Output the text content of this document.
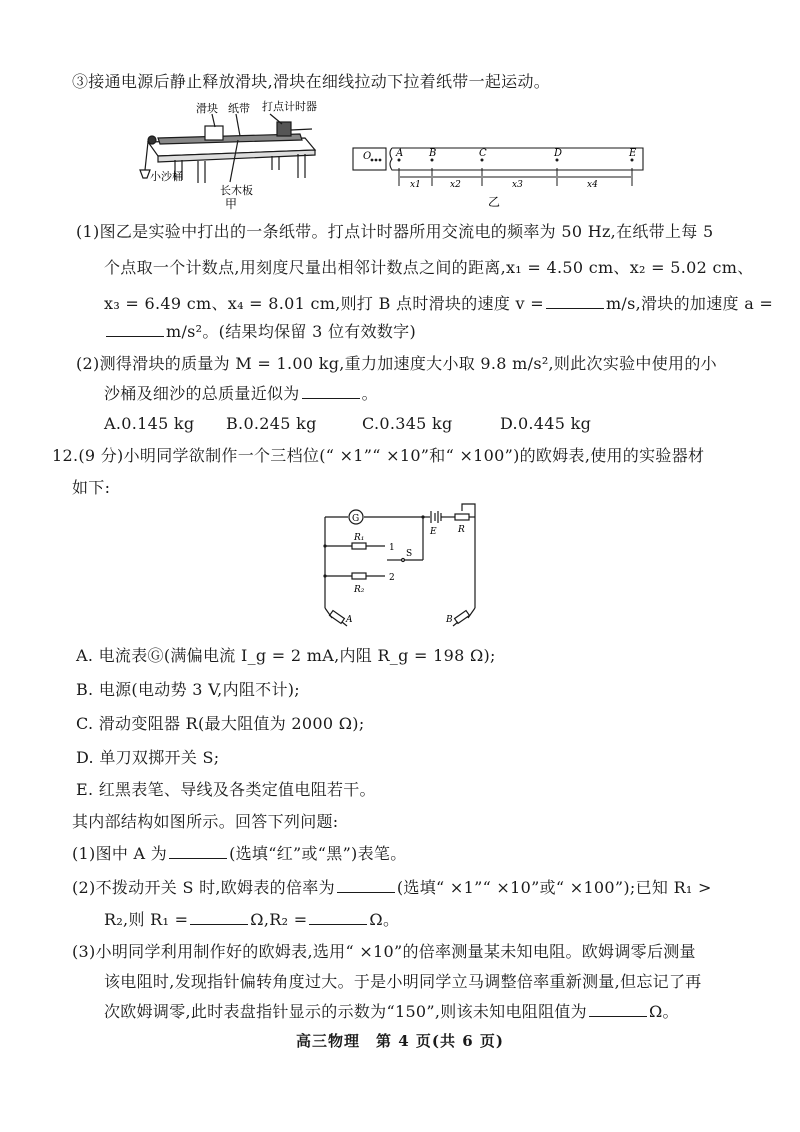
③接通电源后静止释放滑块,滑块在细线拉动下拉着纸带一起运动。
滑块 纸带 打点计时器
小沙桶
长木板
甲
O A	B	C	D	E
x1	x2	x3	x4
乙
(1)图乙是实验中打出的一条纸带。打点计时器所用交流电的频率为 50 Hz,在纸带上每 5
个点取一个计数点,用刻度尺量出相邻计数点之间的距离,x₁ = 4.50 cm、x₂ = 5.02 cm、
x₃ = 6.49 cm、x₄ = 8.01 cm,则打 B 点时滑块的速度 v =	m/s,滑块的加速度 a =
m/s²。(结果均保留 3 位有效数字)
(2)测得滑块的质量为 M = 1.00 kg,重力加速度大小取 9.8 m/s²,则此次实验中使用的小
沙桶及细沙的总质量近似为	。
A.0.145 kg B.0.245 kg	C.0.345 kg	D.0.445 kg
12.(9 分)小明同学欲制作一个三档位(“ ×1”“ ×10”和“ ×100”)的欧姆表,使用的实验器材
如下:
G
R₁
1
S
2
R₂
E R
A	B
A. 电流表Ⓖ(满偏电流 I_g = 2 mA,内阻 R_g = 198 Ω);
B. 电源(电动势 3 V,内阻不计);
C. 滑动变阻器 R(最大阻值为 2000 Ω);
D. 单刀双掷开关 S;
E. 红黑表笔、导线及各类定值电阻若干。
其内部结构如图所示。回答下列问题:
(1)图中 A 为	(选填“红”或“黑”)表笔。
(2)不拨动开关 S 时,欧姆表的倍率为	(选填“ ×1”“ ×10”或“ ×100”);已知 R₁ >
R₂,则 R₁ =	Ω,R₂ =	Ω。
(3)小明同学利用制作好的欧姆表,选用“ ×10”的倍率测量某未知电阻。欧姆调零后测量
该电阻时,发现指针偏转角度过大。于是小明同学立马调整倍率重新测量,但忘记了再
次欧姆调零,此时表盘指针显示的示数为“150”,则该未知电阻阻值为	Ω。
高三物理　第 4 页(共 6 页)
